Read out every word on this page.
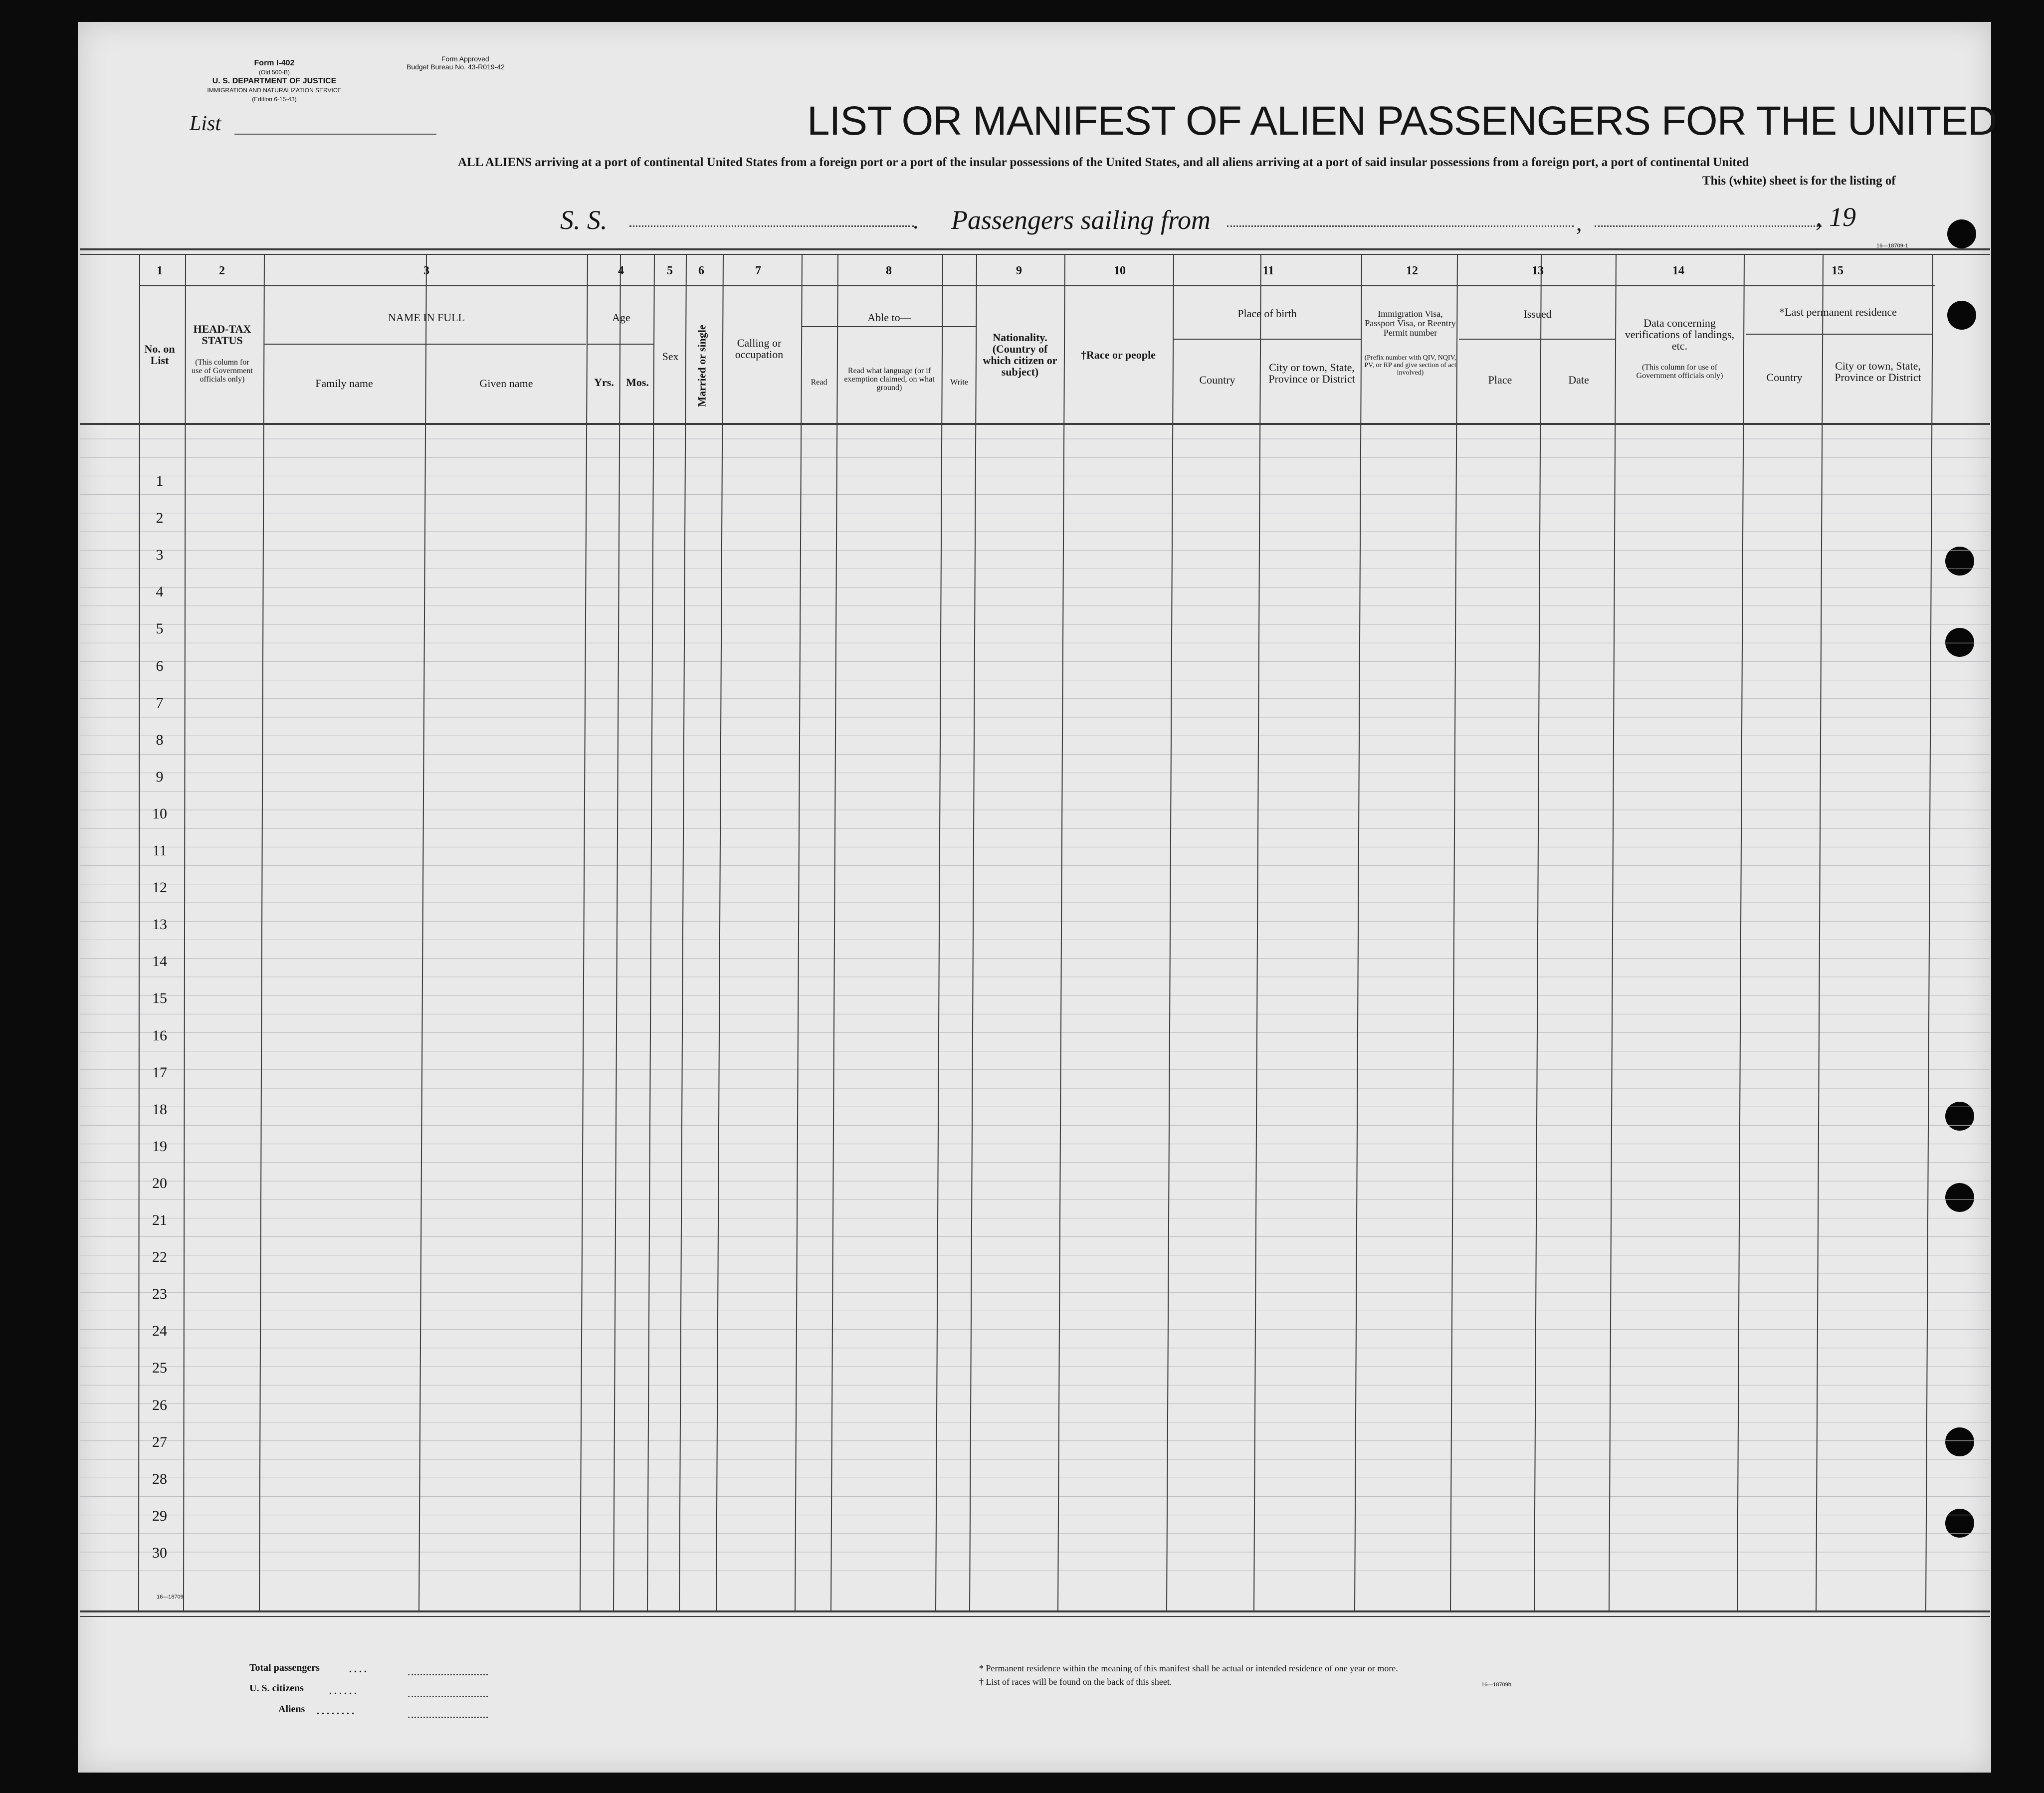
Form I-402
(Old 500-B)
U. S. DEPARTMENT OF JUSTICE
IMMIGRATION AND NATURALIZATION SERVICE
(Edition 6-15-43)
Form Approved
Budget Bureau No. 43-R019-42
List	LIST OR MANIFEST OF ALIEN PASSENGERS FOR THE UNITED
ALL ALIENS arriving at a port of continental United States from a foreign port or a port of the insular possessions of the United States, and all aliens arriving at a port of said insular possessions from a foreign port, a port of continental United
This (white) sheet is for the listing of
S. S.	. Passengers sailing from	,	, 19
16—18709-1
1	2	3	4	5	6	7	8	9	10	11	12	13	14	15
No. on List
HEAD-TAX STATUS
(This column for use of Government officials only)
NAME IN FULL
Family name	Given name
Age
Yrs.	Mos.
Sex	Married or single	Calling or occupation
Able to—
Read
Read what language (or if exemption claimed, on what ground)
Write
Nationality. (Country of which citizen or subject)
†Race or people
Place of birth
Country
City or town, State, Province or District
Immigration Visa, Passport Visa, or Reentry Permit number
(Prefix number with QIV, NQIV, PV, or RP and give section of act involved)
Issued
Place	Date
Data concerning verifications of landings, etc.
(This column for use of Government officials only)
*Last permanent residence
Country
City or town, State, Province or District
1
2
3
4
5
6
7
8
9
10
11
12
13
14
15
16
17
18
19
20
21
22
23
24
25
26
27
28
29
30
16—18709
Total passengers	. . . .
U. S. citizens	. . . . . .
Aliens . . . . . . . .
* Permanent residence within the meaning of this manifest shall be actual or intended residence of one year or more.
† List of races will be found on the back of this sheet.	16—18709b
